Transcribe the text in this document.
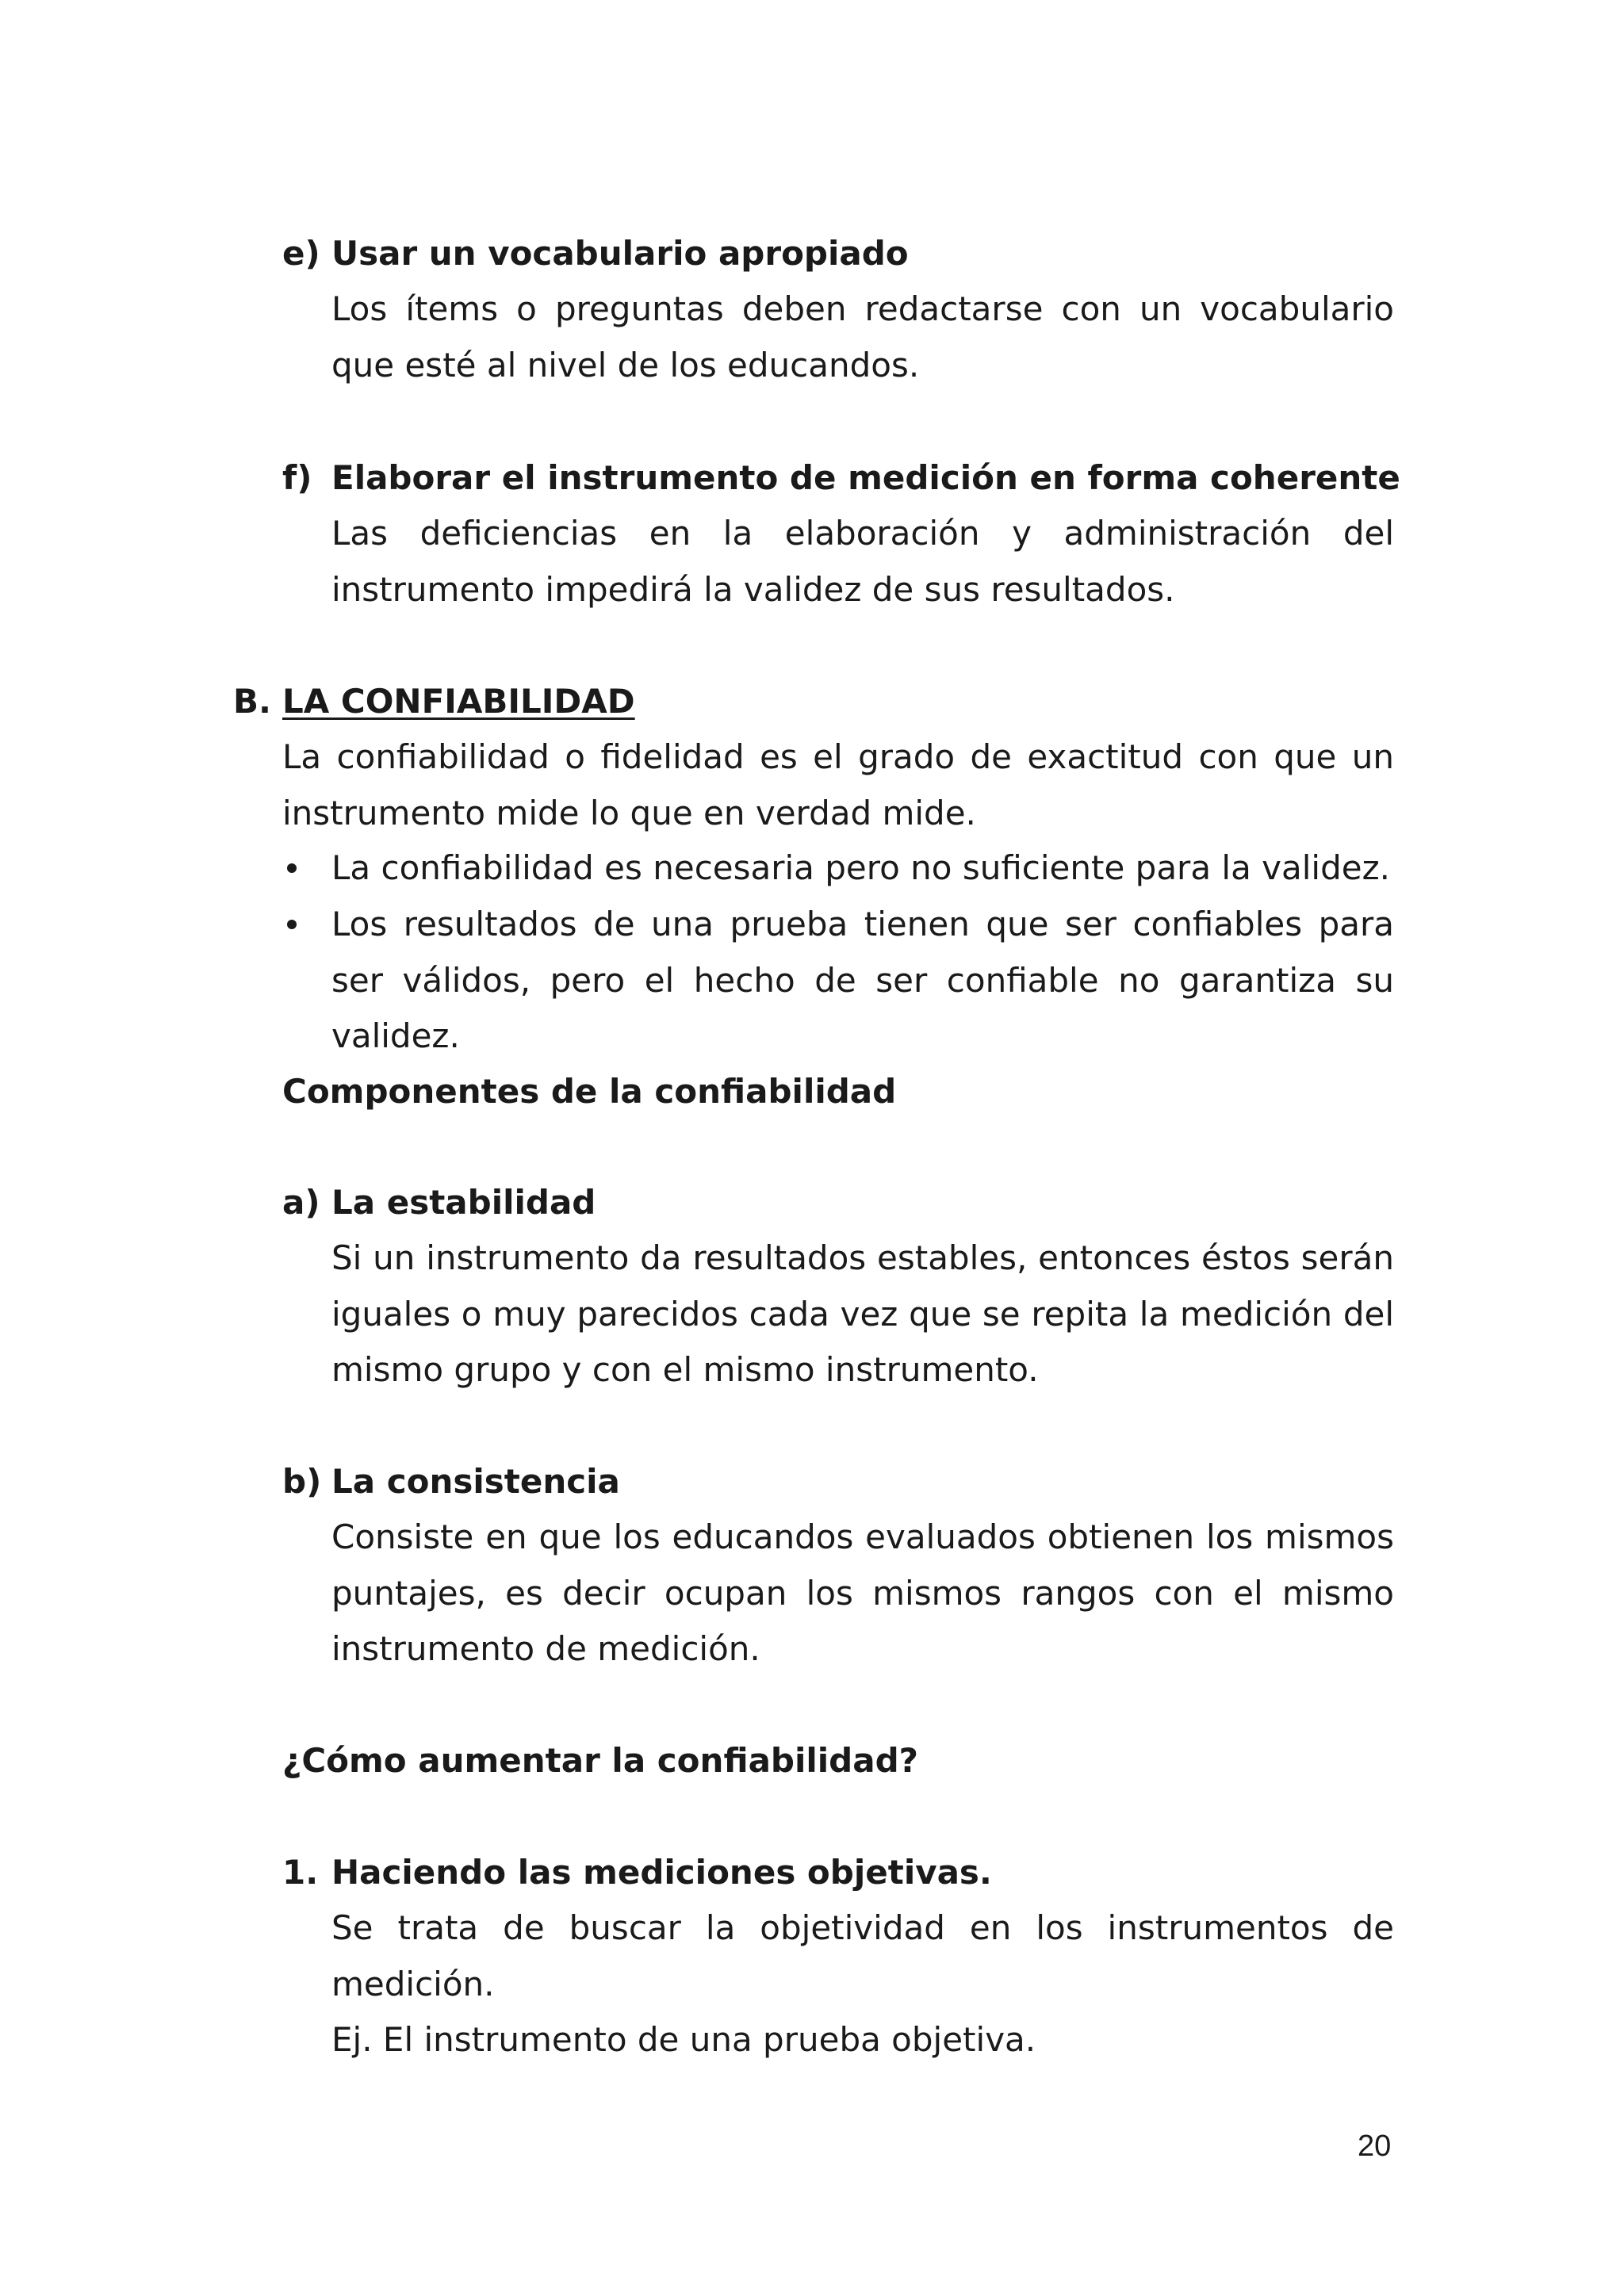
e) Usar un vocabulario apropiado

Los ítems o preguntas deben redactarse con un vocabulario que esté al nivel de los educandos.

f) Elaborar el instrumento de medición en forma coherente

Las deficiencias en la elaboración y administración del instrumento impedirá la validez de sus resultados.

B. LA CONFIABILIDAD

La confiabilidad o fidelidad es el grado de exactitud con que un instrumento mide lo que en verdad mide.

La confiabilidad es necesaria pero no suficiente para la validez.

Los resultados de una prueba tienen que ser confiables para ser válidos, pero el hecho de ser confiable no garantiza su validez.

Componentes de la confiabilidad
a) La estabilidad

Si un instrumento da resultados estables, entonces éstos serán iguales o muy parecidos cada vez que se repita la medición del mismo grupo y con el mismo instrumento.

b) La consistencia

Consiste en que los educandos evaluados obtienen los mismos puntajes, es decir ocupan los mismos rangos con el mismo instrumento de medición.

¿Cómo aumentar la confiabilidad?
1. Haciendo las mediciones objetivas.

Se trata de buscar la objetividad en los instrumentos de medición.

Ej. El instrumento de una prueba objetiva.

20
